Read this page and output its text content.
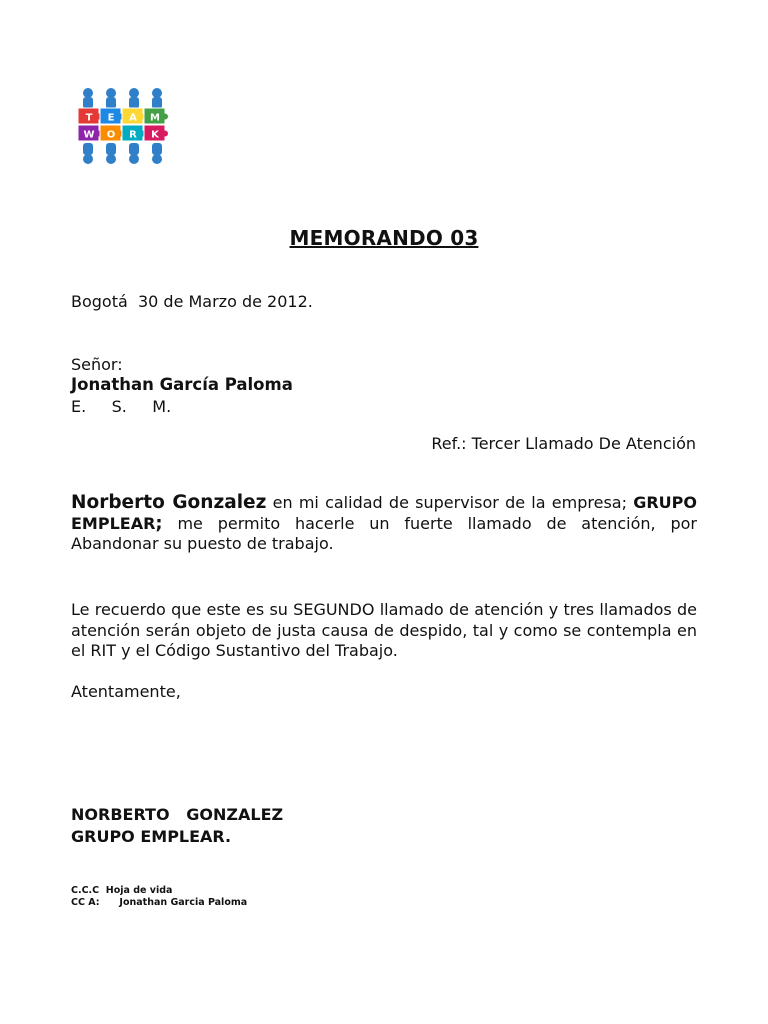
T E A M
W O R K
MEMORANDO 03
Bogotá  30 de Marzo de 2012.
Señor:
Jonathan García Paloma
E.     S.     M.
Ref.: Tercer Llamado De Atención
Norberto Gonzalez en mi calidad de supervisor de la empresa; GRUPO EMPLEAR; me permito hacerle un fuerte llamado de atención, por Abandonar su puesto de trabajo.
Le recuerdo que este es su SEGUNDO llamado de atención y tres llamados de atención serán objeto de justa causa de despido, tal y como se contempla en el RIT y el Código Sustantivo del Trabajo.
Atentamente,
NORBERTO   GONZALEZ
GRUPO EMPLEAR.
C.C.C  Hoja de vida
CC A:      Jonathan Garcia Paloma
